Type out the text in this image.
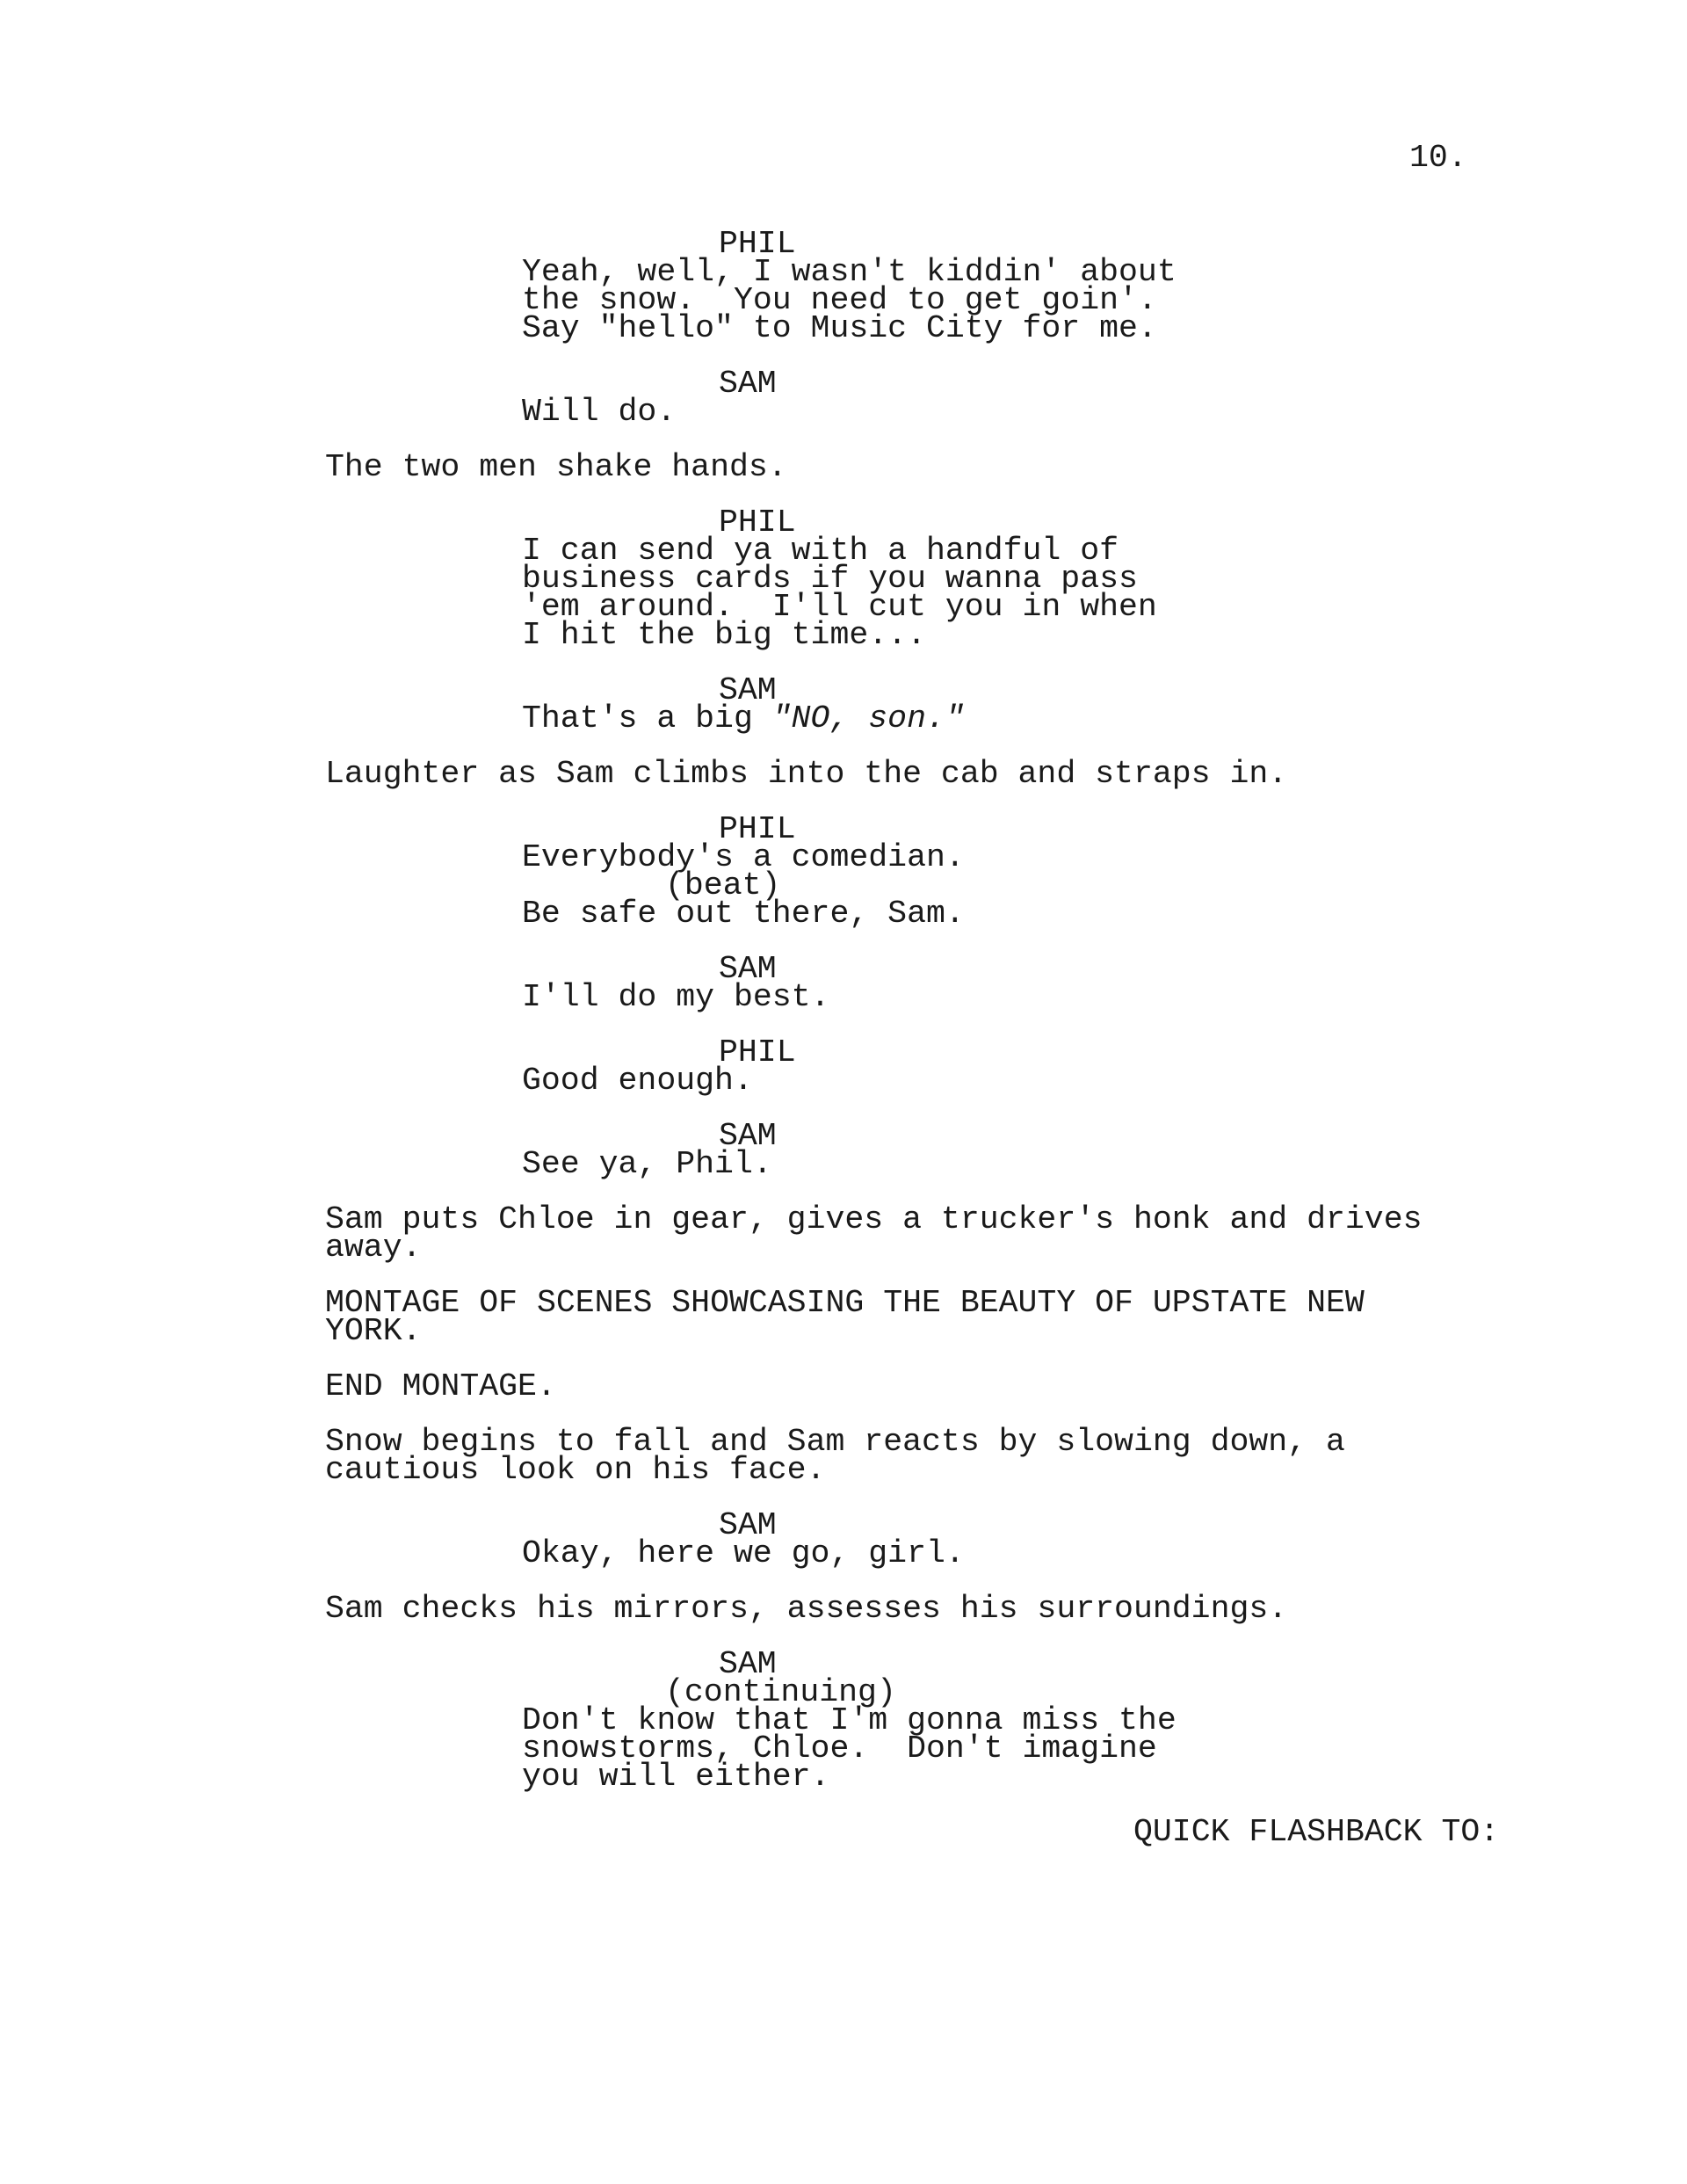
10.
PHIL
Yeah, well, I wasn't kiddin' about
the snow.  You need to get goin'.
Say "hello" to Music City for me.
SAM
Will do.
The two men shake hands.
PHIL
I can send ya with a handful of
business cards if you wanna pass
'em around.  I'll cut you in when
I hit the big time...
SAM
That's a big "NO, son."
Laughter as Sam climbs into the cab and straps in.
PHIL
Everybody's a comedian.
(beat)
Be safe out there, Sam.
SAM
I'll do my best.
PHIL
Good enough.
SAM
See ya, Phil.
Sam puts Chloe in gear, gives a trucker's honk and drives
away.
MONTAGE OF SCENES SHOWCASING THE BEAUTY OF UPSTATE NEW
YORK.
END MONTAGE.
Snow begins to fall and Sam reacts by slowing down, a
cautious look on his face.
SAM
Okay, here we go, girl.
Sam checks his mirrors, assesses his surroundings.
SAM
(continuing)
Don't know that I'm gonna miss the
snowstorms, Chloe.  Don't imagine
you will either.
QUICK FLASHBACK TO:
